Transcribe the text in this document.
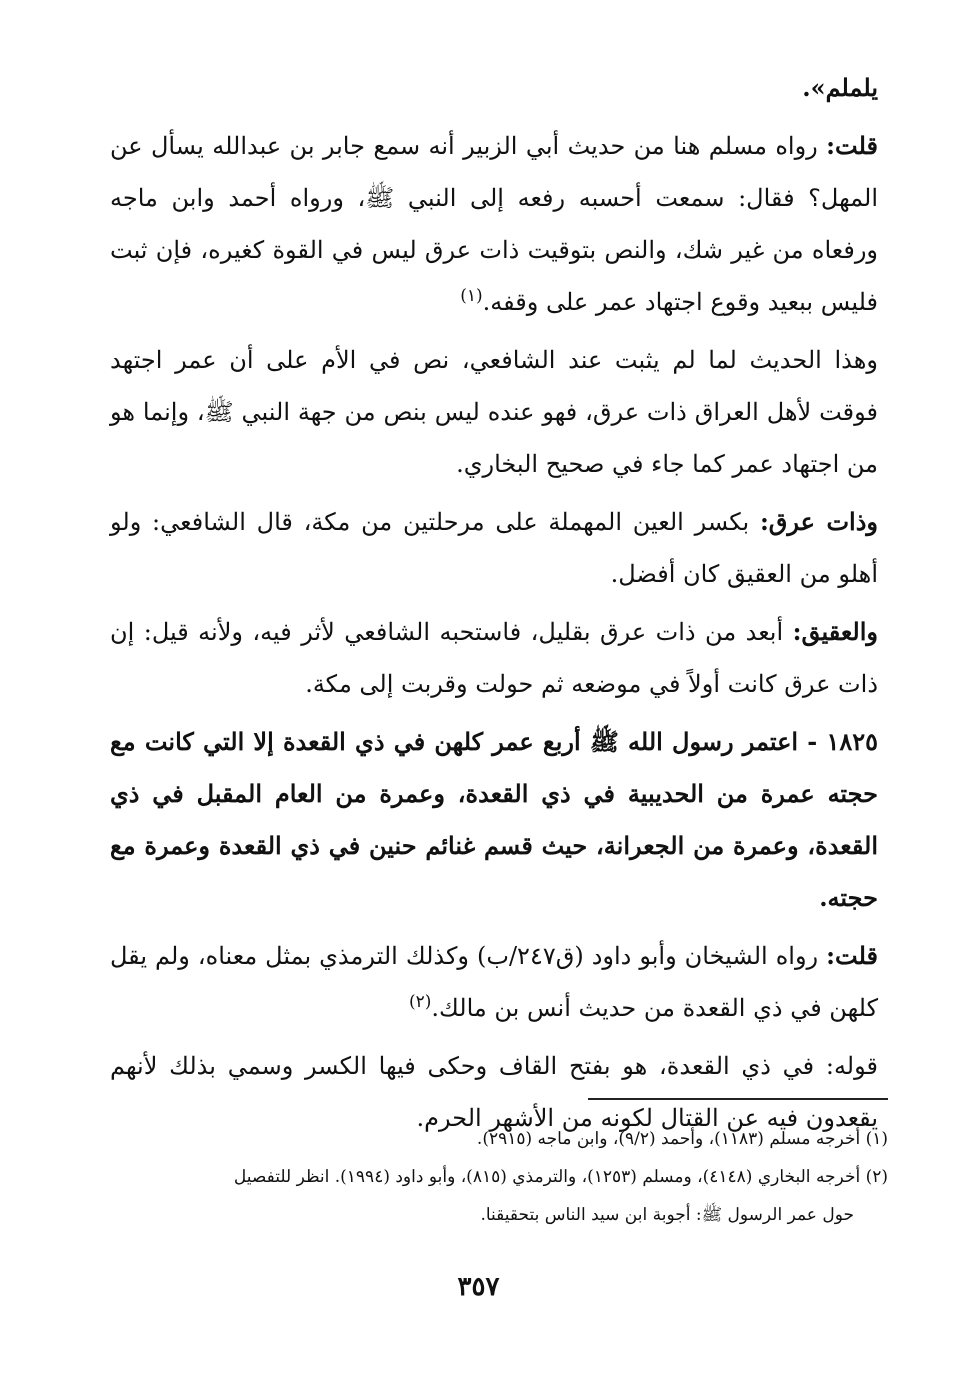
يلملم».

قلت: رواه مسلم هنا من حديث أبي الزبير أنه سمع جابر بن عبدالله يسأل عن المهل؟ فقال: سمعت أحسبه رفعه إلى النبي ﷺ، ورواه أحمد وابن ماجه ورفعاه من غير شك، والنص بتوقيت ذات عرق ليس في القوة كغيره، فإن ثبت فليس ببعيد وقوع اجتهاد عمر على وقفه.$^{(١)}$

وهذا الحديث لما لم يثبت عند الشافعي، نص في الأم على أن عمر اجتهد فوقت لأهل العراق ذات عرق، فهو عنده ليس بنص من جهة النبي ﷺ، وإنما هو من اجتهاد عمر كما جاء في صحيح البخاري.

وذات عرق: بكسر العين المهملة على مرحلتين من مكة، قال الشافعي: ولو أهلو من العقيق كان أفضل.

والعقيق: أبعد من ذات عرق بقليل، فاستحبه الشافعي لأثر فيه، ولأنه قيل: إن ذات عرق كانت أولاً في موضعه ثم حولت وقربت إلى مكة.

١٨٢٥ - اعتمر رسول الله ﷺ أربع عمر كلهن في ذي القعدة إلا التي كانت مع حجته عمرة من الحديبية في ذي القعدة، وعمرة من العام المقبل في ذي القعدة، وعمرة من الجعرانة، حيث قسم غنائم حنين في ذي القعدة وعمرة مع حجته.

قلت: رواه الشيخان وأبو داود (ق٢٤٧/ب) وكذلك الترمذي بمثل معناه، ولم يقل كلهن في ذي القعدة من حديث أنس بن مالك.$^{(٢)}$

قوله: في ذي القعدة، هو بفتح القاف وحكى فيها الكسر وسمي بذلك لأنهم يقعدون فيه عن القتال لكونه من الأشهر الحرم.

(١) أخرجه مسلم (١١٨٣)، وأحمد (٩/٢)، وابن ماجه (٢٩١٥).

(٢) أخرجه البخاري (٤١٤٨)، ومسلم (١٢٥٣)، والترمذي (٨١٥)، وأبو داود (١٩٩٤). انظر للتفصيل

حول عمر الرسول ﷺ: أجوبة ابن سيد الناس بتحقيقنا.

٣٥٧
